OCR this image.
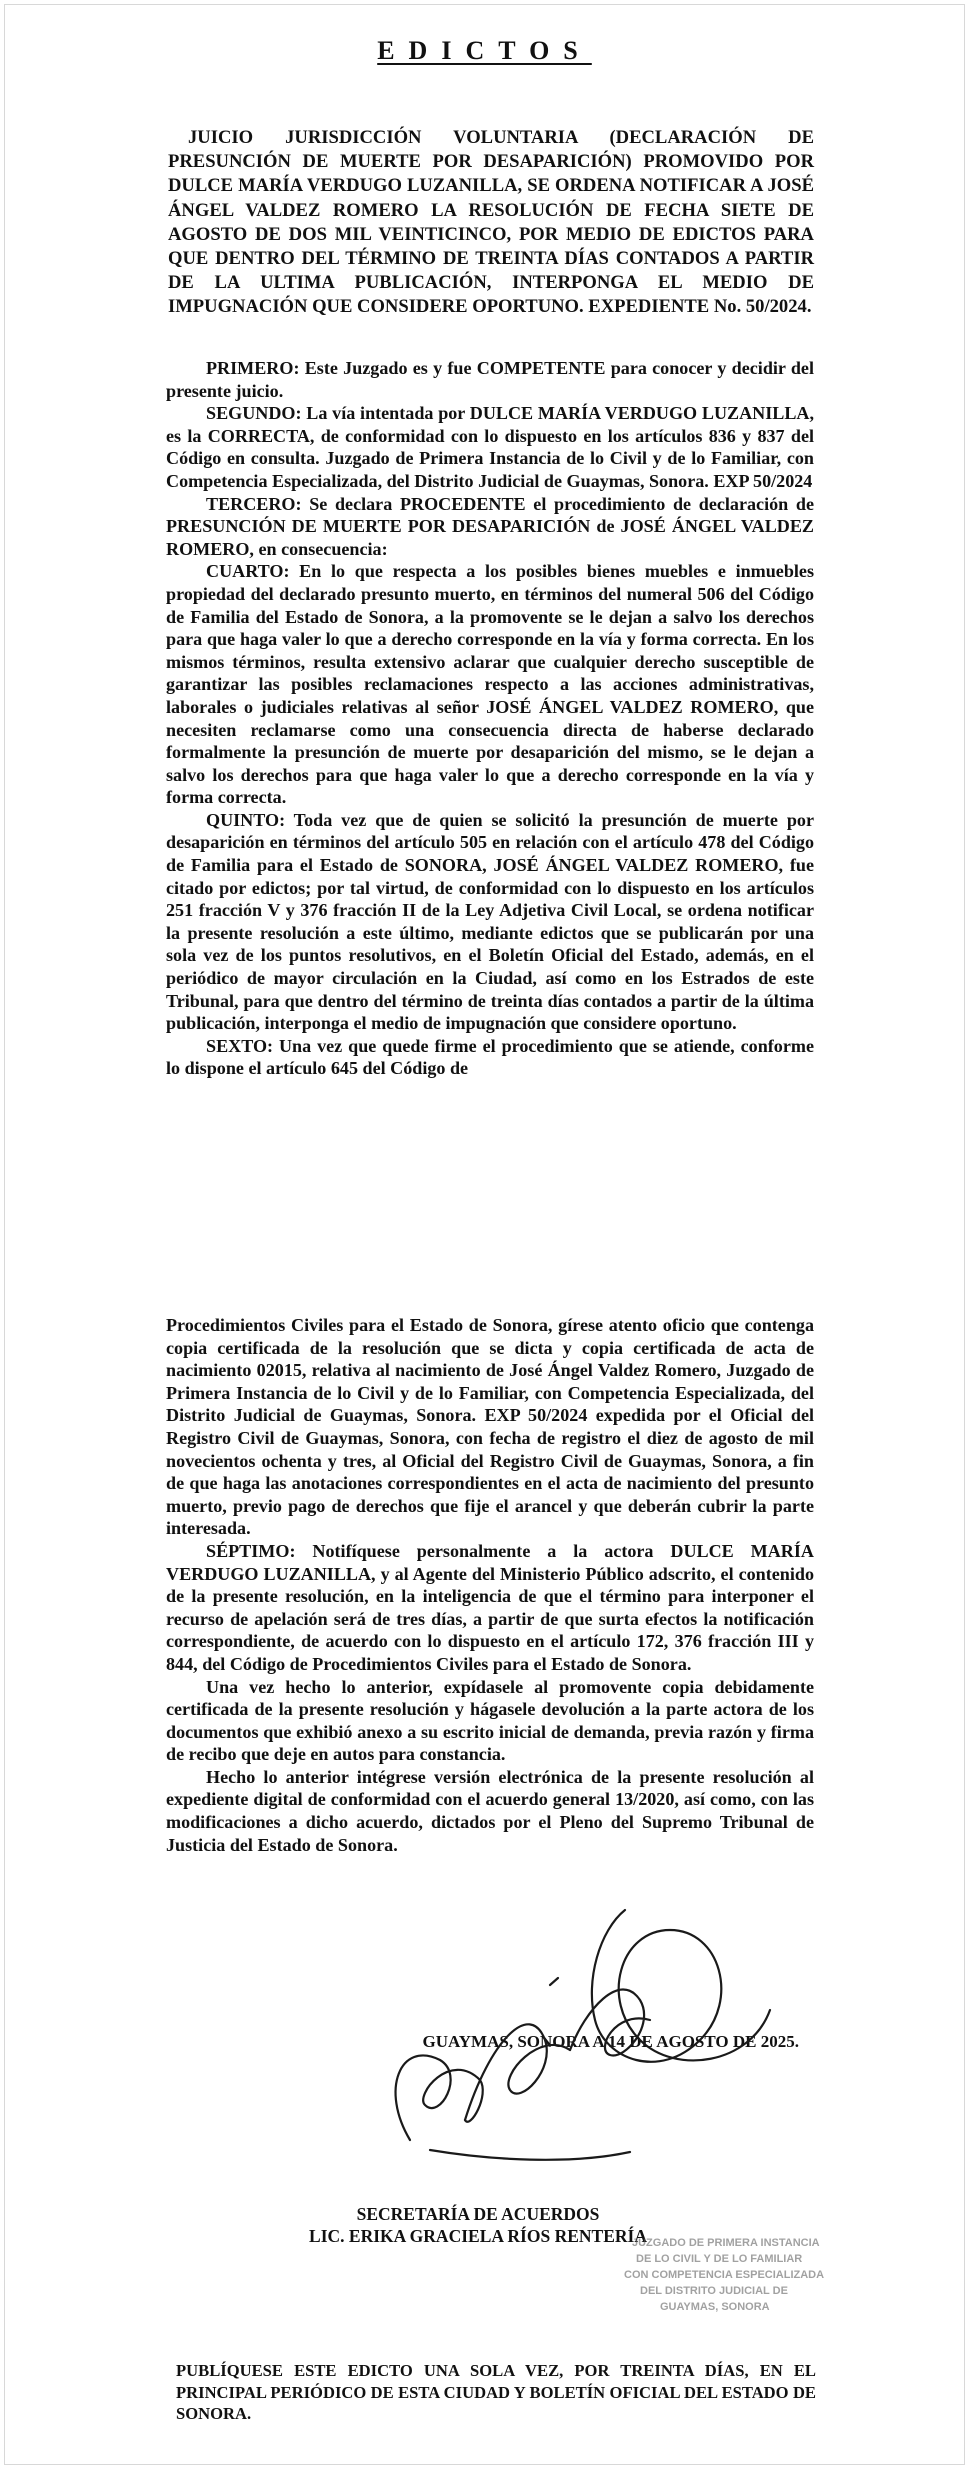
EDICTOS

JUICIO JURISDICCIÓN VOLUNTARIA (DECLARACIÓN DE PRESUNCIÓN DE MUERTE POR DESAPARICIÓN) PROMOVIDO POR DULCE MARÍA VERDUGO LUZANILLA, SE ORDENA NOTIFICAR A JOSÉ ÁNGEL VALDEZ ROMERO LA RESOLUCIÓN DE FECHA SIETE DE AGOSTO DE DOS MIL VEINTICINCO, POR MEDIO DE EDICTOS PARA QUE DENTRO DEL TÉRMINO DE TREINTA DÍAS CONTADOS A PARTIR DE LA ULTIMA PUBLICACIÓN, INTERPONGA EL MEDIO DE IMPUGNACIÓN QUE CONSIDERE OPORTUNO. EXPEDIENTE No. 50/2024.

PRIMERO: Este Juzgado es y fue COMPETENTE para conocer y decidir del presente juicio.

SEGUNDO: La vía intentada por DULCE MARÍA VERDUGO LUZANILLA, es la CORRECTA, de conformidad con lo dispuesto en los artículos 836 y 837 del Código en consulta. Juzgado de Primera Instancia de lo Civil y de lo Familiar, con Competencia Especializada, del Distrito Judicial de Guaymas, Sonora. EXP 50/2024

TERCERO: Se declara PROCEDENTE el procedimiento de declaración de PRESUNCIÓN DE MUERTE POR DESAPARICIÓN de JOSÉ ÁNGEL VALDEZ ROMERO, en consecuencia:

CUARTO: En lo que respecta a los posibles bienes muebles e inmuebles propiedad del declarado presunto muerto, en términos del numeral 506 del Código de Familia del Estado de Sonora, a la promovente se le dejan a salvo los derechos para que haga valer lo que a derecho corresponde en la vía y forma correcta. En los mismos términos, resulta extensivo aclarar que cualquier derecho susceptible de garantizar las posibles reclamaciones respecto a las acciones administrativas, laborales o judiciales relativas al señor JOSÉ ÁNGEL VALDEZ ROMERO, que necesiten reclamarse como una consecuencia directa de haberse declarado formalmente la presunción de muerte por desaparición del mismo, se le dejan a salvo los derechos para que haga valer lo que a derecho corresponde en la vía y forma correcta.

QUINTO: Toda vez que de quien se solicitó la presunción de muerte por desaparición en términos del artículo 505 en relación con el artículo 478 del Código de Familia para el Estado de SONORA, JOSÉ ÁNGEL VALDEZ ROMERO, fue citado por edictos; por tal virtud, de conformidad con lo dispuesto en los artículos 251 fracción V y 376 fracción II de la Ley Adjetiva Civil Local, se ordena notificar la presente resolución a este último, mediante edictos que se publicarán por una sola vez de los puntos resolutivos, en el Boletín Oficial del Estado, además, en el periódico de mayor circulación en la Ciudad, así como en los Estrados de este Tribunal, para que dentro del término de treinta días contados a partir de la última publicación, interponga el medio de impugnación que considere oportuno.

SEXTO: Una vez que quede firme el procedimiento que se atiende, conforme lo dispone el artículo 645 del Código de

Procedimientos Civiles para el Estado de Sonora, gírese atento oficio que contenga copia certificada de la resolución que se dicta y copia certificada de acta de nacimiento 02015, relativa al nacimiento de José Ángel Valdez Romero, Juzgado de Primera Instancia de lo Civil y de lo Familiar, con Competencia Especializada, del Distrito Judicial de Guaymas, Sonora. EXP 50/2024 expedida por el Oficial del Registro Civil de Guaymas, Sonora, con fecha de registro el diez de agosto de mil novecientos ochenta y tres, al Oficial del Registro Civil de Guaymas, Sonora, a fin de que haga las anotaciones correspondientes en el acta de nacimiento del presunto muerto, previo pago de derechos que fije el arancel y que deberán cubrir la parte interesada.

SÉPTIMO: Notifíquese personalmente a la actora DULCE MARÍA VERDUGO LUZANILLA, y al Agente del Ministerio Público adscrito, el contenido de la presente resolución, en la inteligencia de que el término para interponer el recurso de apelación será de tres días, a partir de que surta efectos la notificación correspondiente, de acuerdo con lo dispuesto en el artículo 172, 376 fracción III y 844, del Código de Procedimientos Civiles para el Estado de Sonora.

Una vez hecho lo anterior, expídasele al promovente copia debidamente certificada de la presente resolución y hágasele devolución a la parte actora de los documentos que exhibió anexo a su escrito inicial de demanda, previa razón y firma de recibo que deje en autos para constancia.

Hecho lo anterior intégrese versión electrónica de la presente resolución al expediente digital de conformidad con el acuerdo general 13/2020, así como, con las modificaciones a dicho acuerdo, dictados por el Pleno del Supremo Tribunal de Justicia del Estado de Sonora.

GUAYMAS, SONORA A 14 DE AGOSTO DE 2025.
SECRETARÍA DE ACUERDOS
LIC. ERIKA GRACIELA RÍOS RENTERÍA
JUZGADO DE PRIMERA INSTANCIA
DE LO CIVIL Y DE LO FAMILIAR
CON COMPETENCIA ESPECIALIZADA
DEL DISTRITO JUDICIAL DE
GUAYMAS, SONORA

PUBLÍQUESE ESTE EDICTO UNA SOLA VEZ, POR TREINTA DÍAS, EN EL PRINCIPAL PERIÓDICO DE ESTA CIUDAD Y BOLETÍN OFICIAL DEL ESTADO DE SONORA.
